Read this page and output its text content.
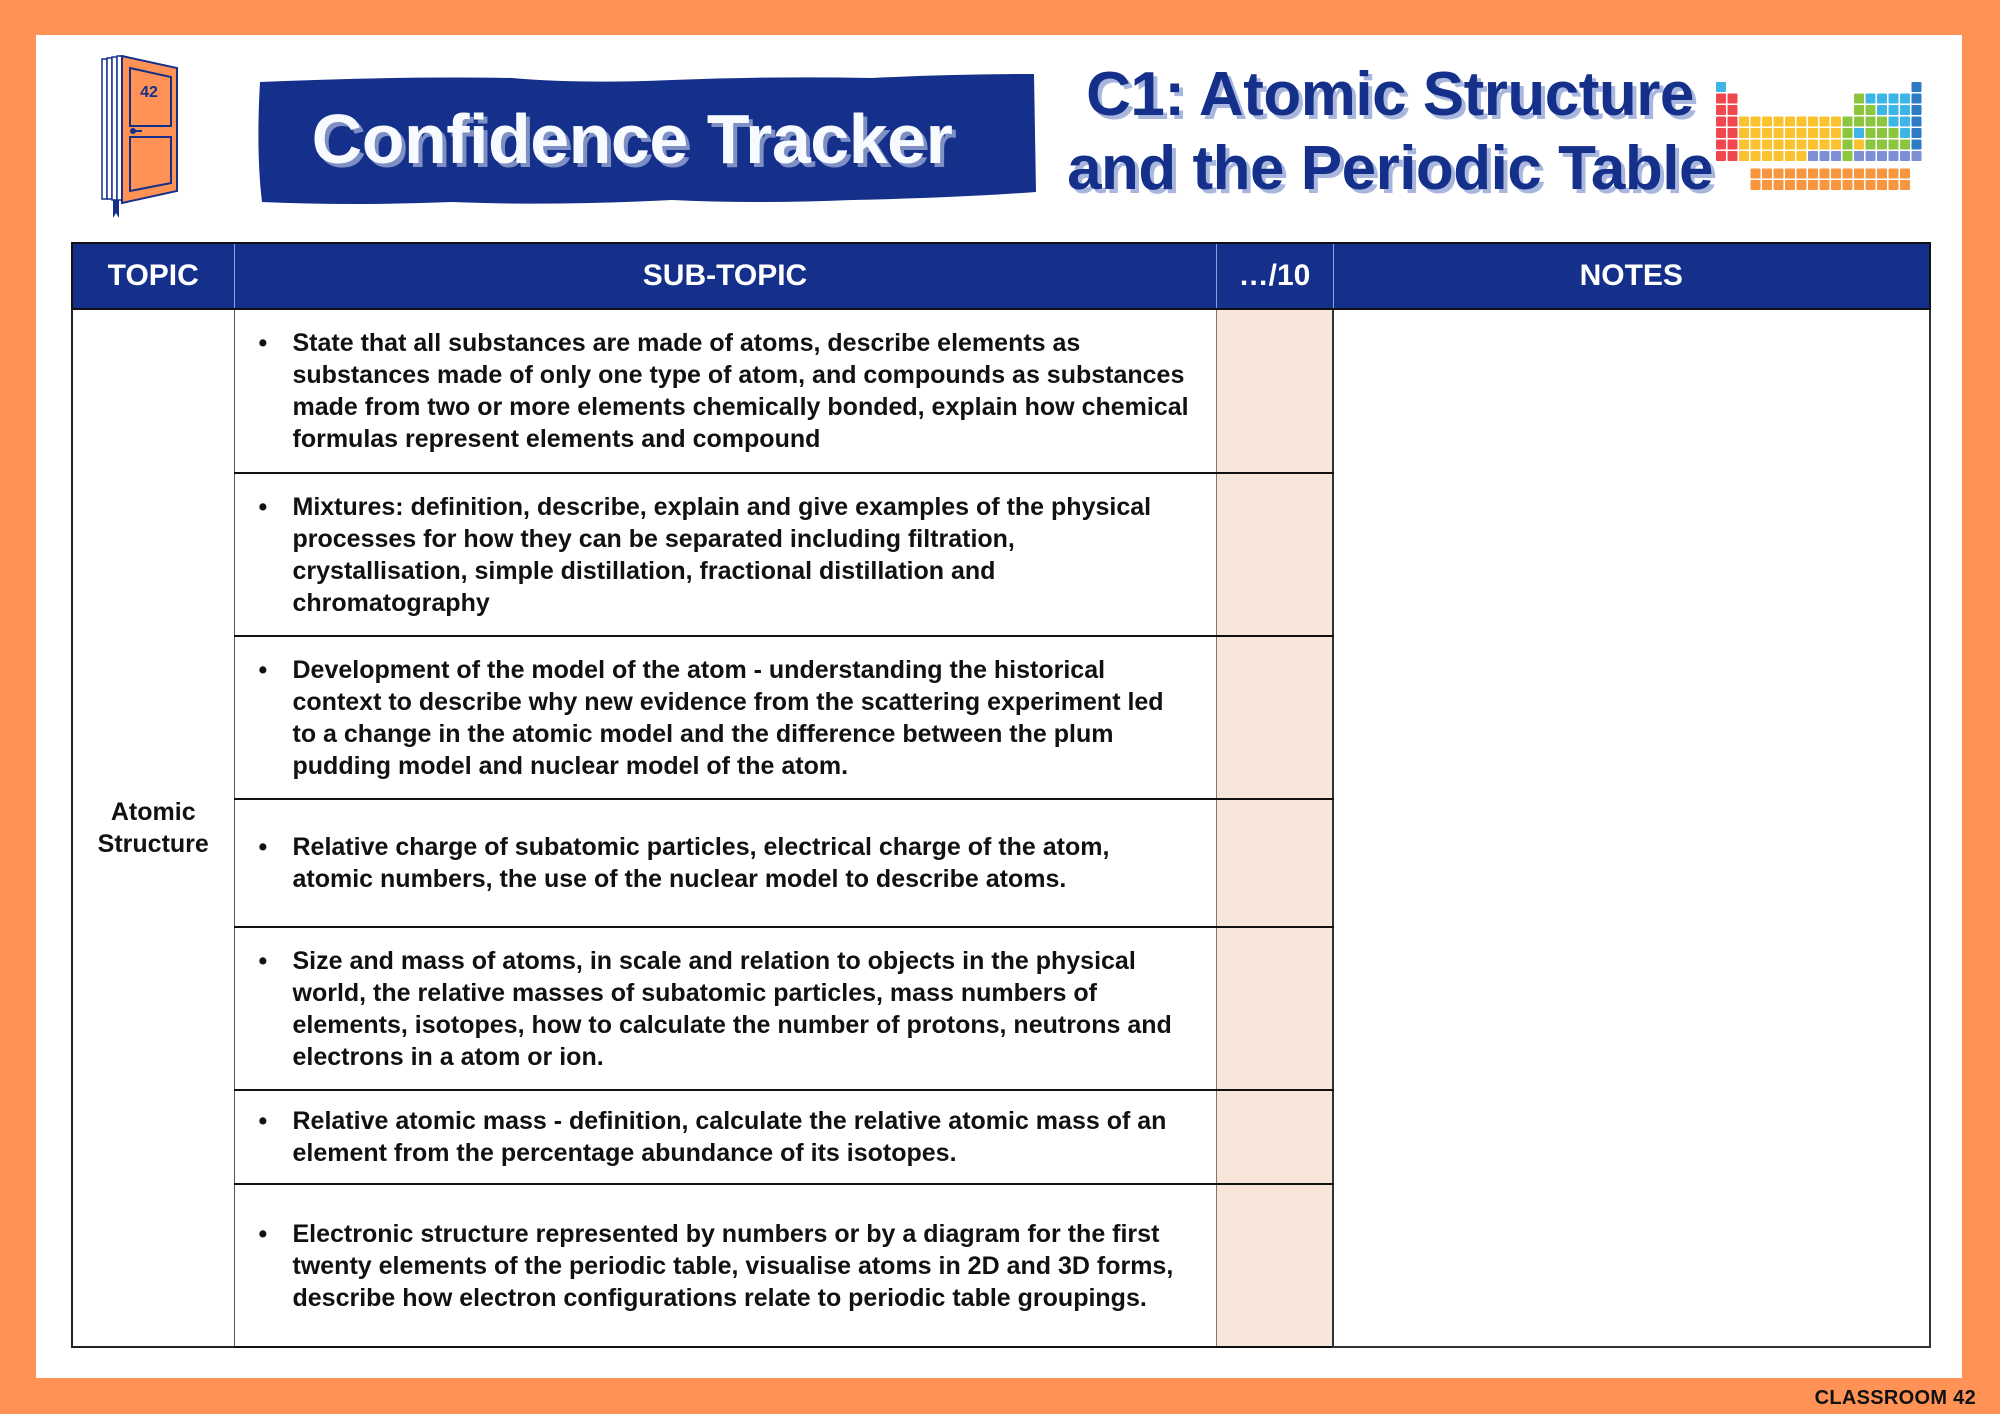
42
Confidence Tracker
C1: Atomic Structure
and the Periodic Table
TOPIC	SUB-TOPIC	…/10	NOTES
Atomic Structure	• State that all substances are made of atoms, describe elements as substances made of only one type of atom, and compounds as substances made from two or more elements chemically bonded, explain how chemical formulas represent elements and compound		

	• Mixtures: definition, describe, explain and give examples of the physical processes for how they can be separated including filtration, crystallisation, simple distillation, fractional distillation and chromatography		

	• Development of the model of the atom - understanding the historical context to describe why new evidence from the scattering experiment led to a change in the atomic model and the difference between the plum pudding model and nuclear model of the atom.		

	• Relative charge of subatomic particles, electrical charge of the atom, atomic numbers, the use of the nuclear model to describe atoms.		

	• Size and mass of atoms, in scale and relation to objects in the physical world, the relative masses of subatomic particles, mass numbers of elements, isotopes, how to calculate the number of protons, neutrons and electrons in a atom or ion.		

	• Relative atomic mass - definition, calculate the relative atomic mass of an element from the percentage abundance of its isotopes.		

	• Electronic structure represented by numbers or by a diagram for the first twenty elements of the periodic table, visualise atoms in 2D and 3D forms, describe how electron configurations relate to periodic table groupings.		

CLASSROOM 42
